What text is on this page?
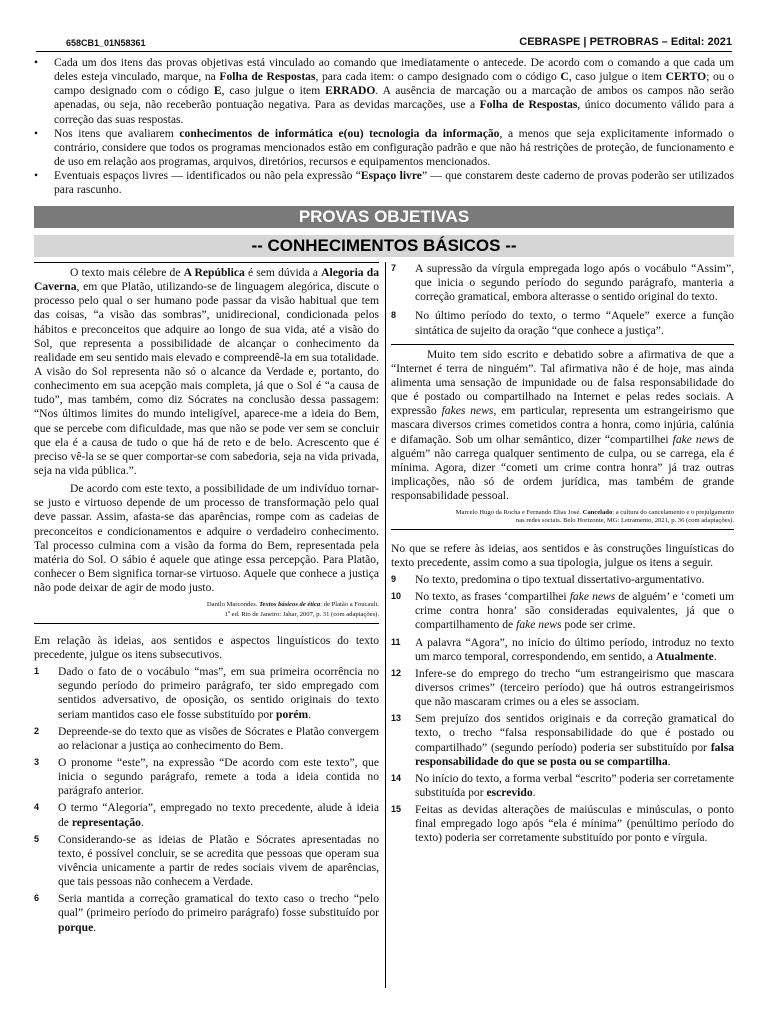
658CB1_01N58361	CEBRASPE | PETROBRAS – Edital: 2021
• Cada um dos itens das provas objetivas está vinculado ao comando que imediatamente o antecede. De acordo com o comando a que cada um deles esteja vinculado, marque, na Folha de Respostas, para cada item: o campo designado com o código C, caso julgue o item CERTO; ou o campo designado com o código E, caso julgue o item ERRADO. A ausência de marcação ou a marcação de ambos os campos não serão apenadas, ou seja, não receberão pontuação negativa. Para as devidas marcações, use a Folha de Respostas, único documento válido para a correção das suas respostas.
• Nos itens que avaliarem conhecimentos de informática e(ou) tecnologia da informação, a menos que seja explicitamente informado o contrário, considere que todos os programas mencionados estão em configuração padrão e que não há restrições de proteção, de funcionamento e de uso em relação aos programas, arquivos, diretórios, recursos e equipamentos mencionados.
• Eventuais espaços livres — identificados ou não pela expressão “Espaço livre” — que constarem deste caderno de provas poderão ser utilizados para rascunho.
PROVAS OBJETIVAS
-- CONHECIMENTOS BÁSICOS --

O texto mais célebre de A República é sem dúvida a Alegoria da Caverna, em que Platão, utilizando-se de linguagem alegórica, discute o processo pelo qual o ser humano pode passar da visão habitual que tem das coisas, “a visão das sombras”, unidirecional, condicionada pelos hábitos e preconceitos que adquire ao longo de sua vida, até a visão do Sol, que representa a possibilidade de alcançar o conhecimento da realidade em seu sentido mais elevado e compreendê-la em sua totalidade. A visão do Sol representa não só o alcance da Verdade e, portanto, do conhecimento em sua acepção mais completa, já que o Sol é “a causa de tudo”, mas também, como diz Sócrates na conclusão dessa passagem: “Nos últimos limites do mundo inteligível, aparece-me a ideia do Bem, que se percebe com dificuldade, mas que não se pode ver sem se concluir que ela é a causa de tudo o que há de reto e de belo. Acrescento que é preciso vê-la se se quer comportar-se com sabedoria, seja na vida privada, seja na vida pública.”.

De acordo com este texto, a possibilidade de um indivíduo tornar-se justo e virtuoso depende de um processo de transformação pelo qual deve passar. Assim, afasta-se das aparências, rompe com as cadeias de preconceitos e condicionamentos e adquire o verdadeiro conhecimento. Tal processo culmina com a visão da forma do Bem, representada pela matéria do Sol. O sábio é aquele que atinge essa percepção. Para Platão, conhecer o Bem significa tornar-se virtuoso. Aquele que conhece a justiça não pode deixar de agir de modo justo.

Danilo Marcondes. Textos básicos de ética: de Platão a Foucault.
1$^a$ ed. Rio de Janeiro: Jahar, 2007, p. 31 (com adaptações).

Em relação às ideias, aos sentidos e aspectos linguísticos do texto precedente, julgue os itens subsecutivos.

1 Dado o fato de o vocábulo “mas”, em sua primeira ocorrência no segundo período do primeiro parágrafo, ter sido empregado com sentidos adversativo, de oposição, os sentido originais do texto seriam mantidos caso ele fosse substituído por porém.
2 Depreende-se do texto que as visões de Sócrates e Platão convergem ao relacionar a justiça ao conhecimento do Bem.
3 O pronome “este”, na expressão “De acordo com este texto”, que inicia o segundo parágrafo, remete a toda a ideia contida no parágrafo anterior.
4 O termo “Alegoria”, empregado no texto precedente, alude à ideia de representação.
5 Considerando-se as ideias de Platão e Sócrates apresentadas no texto, é possível concluir, se se acredita que pessoas que operam sua vivência unicamente a partir de redes sociais vivem de aparências, que tais pessoas não conhecem a Verdade.
6 Seria mantida a correção gramatical do texto caso o trecho “pelo qual” (primeiro período do primeiro parágrafo) fosse substituído por porque.
7 A supressão da vírgula empregada logo após o vocábulo “Assim”, que inicia o segundo período do segundo parágrafo, manteria a correção gramatical, embora alterasse o sentido original do texto.
8 No último período do texto, o termo “Aquele” exerce a função sintática de sujeito da oração “que conhece a justiça”.

Muito tem sido escrito e debatido sobre a afirmativa de que a “Internet é terra de ninguém”. Tal afirmativa não é de hoje, mas ainda alimenta uma sensação de impunidade ou de falsa responsabilidade do que é postado ou compartilhado na Internet e pelas redes sociais. A expressão fakes news, em particular, representa um estrangeirismo que mascara diversos crimes cometidos contra a honra, como injúria, calúnia e difamação. Sob um olhar semântico, dizer “compartilhei fake news de alguém” não carrega qualquer sentimento de culpa, ou se carrega, ela é mínima. Agora, dizer “cometi um crime contra honra” já traz outras implicações, não só de ordem jurídica, mas também de grande responsabilidade pessoal.

Marcelo Hugo da Rocha e Fernando Elias José. Cancelado: a cultura do cancelamento e o prejulgamento
nas redes sociais. Belo Horizonte, MG: Letramento, 2021, p. 36 (com adaptações).

No que se refere às ideias, aos sentidos e às construções linguísticas do texto precedente, assim como a sua tipologia, julgue os itens a seguir.

9 No texto, predomina o tipo textual dissertativo-argumentativo.
10 No texto, as frases ‘compartilhei fake news de alguém’ e ‘cometi um crime contra honra’ são consideradas equivalentes, já que o compartilhamento de fake news pode ser crime.
11 A palavra “Agora”, no início do último período, introduz no texto um marco temporal, correspondendo, em sentido, a Atualmente.
12 Infere-se do emprego do trecho “um estrangeirismo que mascara diversos crimes” (terceiro período) que há outros estrangeirismos que não mascaram crimes ou a eles se associam.
13 Sem prejuízo dos sentidos originais e da correção gramatical do texto, o trecho “falsa responsabilidade do que é postado ou compartilhado” (segundo período) poderia ser substituído por falsa responsabilidade do que se posta ou se compartilha.
14 No início do texto, a forma verbal “escrito” poderia ser corretamente substituída por escrevido.
15 Feitas as devidas alterações de maiúsculas e minúsculas, o ponto final empregado logo após “ela é mínima” (penúltimo período do texto) poderia ser corretamente substituído por ponto e vírgula.
